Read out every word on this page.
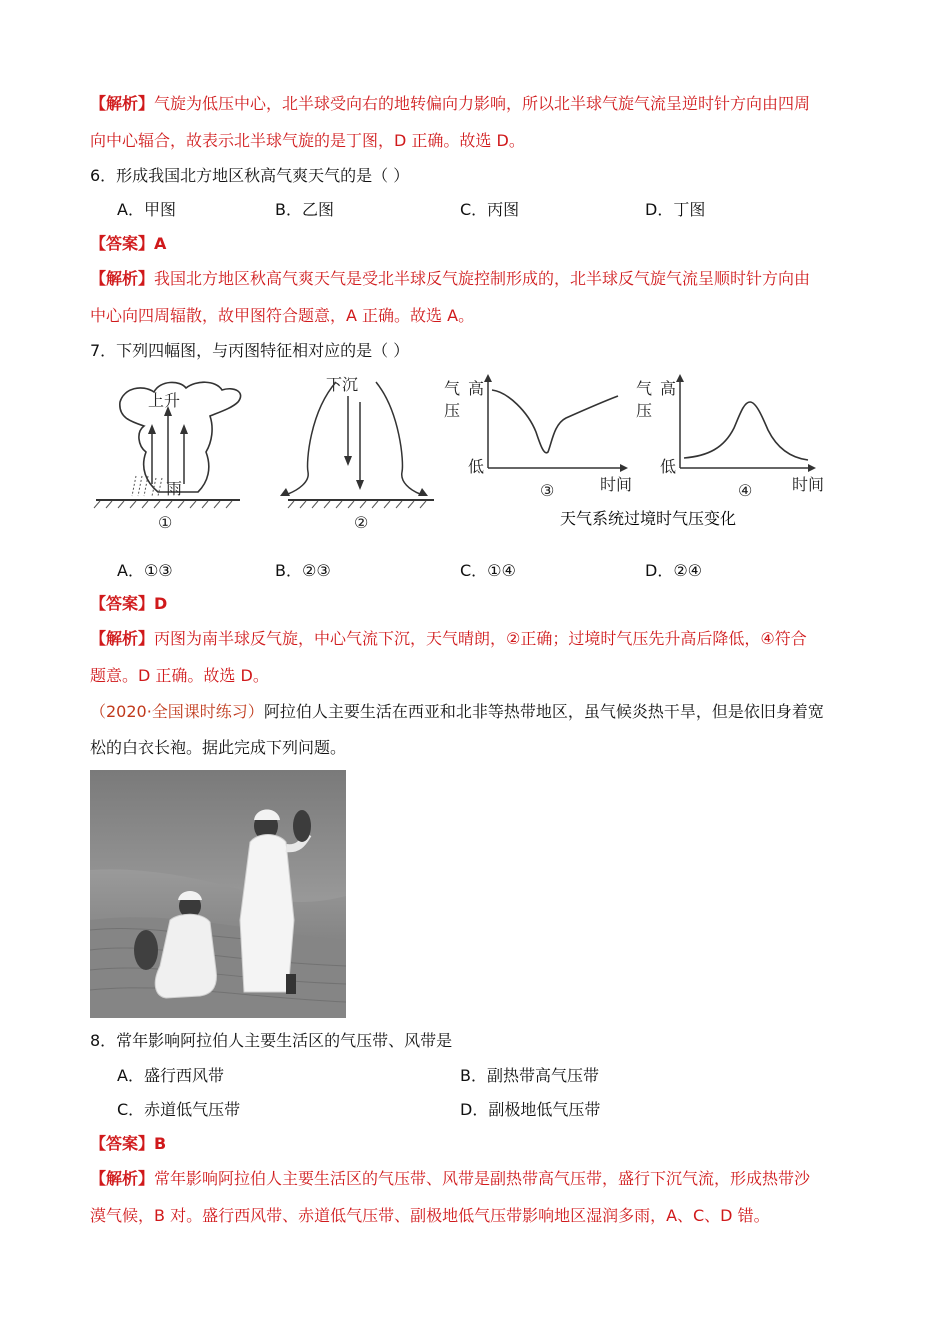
【解析】气旋为低压中心，北半球受向右的地转偏向力影响，所以北半球气旋气流呈逆时针方向由四周
向中心辐合，故表示北半球气旋的是丁图，D 正确。故选 D。
6．形成我国北方地区秋高气爽天气的是（ ）
A．甲图	B．乙图	C．丙图	D．丁图
【答案】A
【解析】我国北方地区秋高气爽天气是受北半球反气旋控制形成的，北半球反气旋气流呈顺时针方向由
中心向四周辐散，故甲图符合题意，A 正确。故选 A。
7．下列四幅图，与丙图特征相对应的是（ ）
上升
雨
①
下沉
②
气
压
高
低
时间
③
气
压
高
低
时间
④
天气系统过境时气压变化
A．①③	B．②③	C．①④	D．②④
【答案】D
【解析】丙图为南半球反气旋，中心气流下沉，天气晴朗，②正确；过境时气压先升高后降低，④符合
题意。D 正确。故选 D。
（2020·全国课时练习）阿拉伯人主要生活在西亚和北非等热带地区，虽气候炎热干旱，但是依旧身着宽
松的白衣长袍。据此完成下列问题。
8．常年影响阿拉伯人主要生活区的气压带、风带是
A．盛行西风带	B．副热带高气压带
C．赤道低气压带	D．副极地低气压带
【答案】B
【解析】常年影响阿拉伯人主要生活区的气压带、风带是副热带高气压带，盛行下沉气流，形成热带沙
漠气候，B 对。盛行西风带、赤道低气压带、副极地低气压带影响地区湿润多雨，A、C、D 错。
